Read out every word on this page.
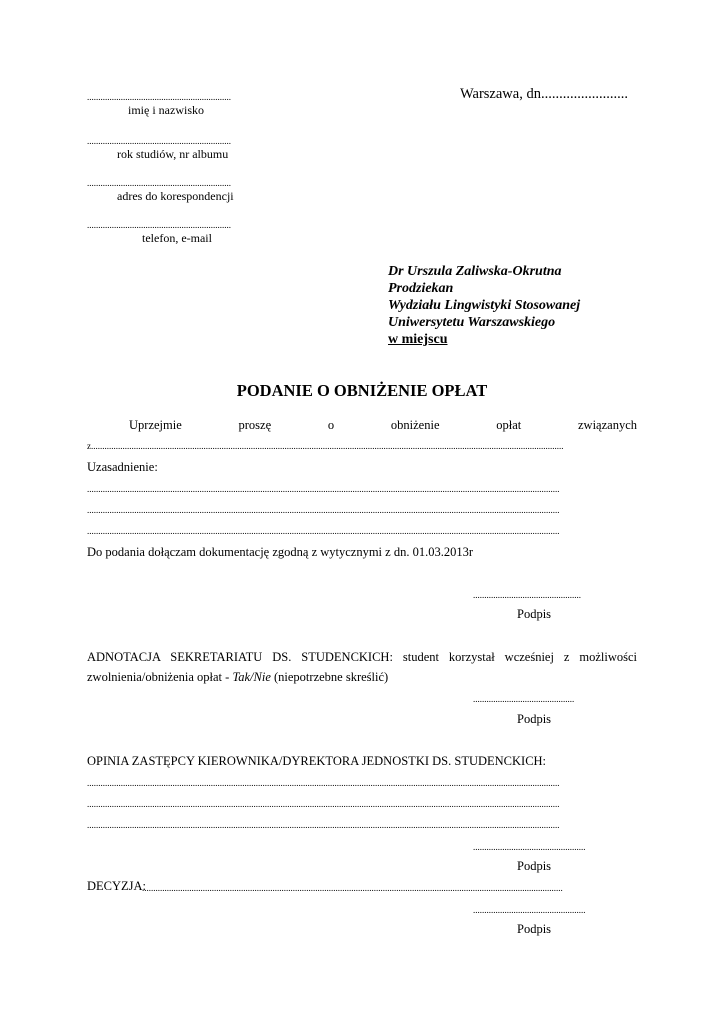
................................................................
imię i nazwisko
................................................................
rok studiów, nr albumu
................................................................
adres do korespondencji
................................................................
telefon, e-mail
Warszawa, dn........................
Dr Urszula Zaliwska-Okrutna
Prodziekan
Wydziału Lingwistyki Stosowanej
Uniwersytetu Warszawskiego
w miejscu
PODANIE O OBNIŻENIE OPŁAT
Uprzejmie proszę o obniżenie opłat związanych
z..................................................................................................................................................................................................................
Uzasadnienie:
..................................................................................................................................................................................................................
..................................................................................................................................................................................................................
..................................................................................................................................................................................................................
Do podania dołączam dokumentację zgodną z wytycznymi z dn. 01.03.2013r
................................................
Podpis
ADNOTACJA SEKRETARIATU DS. STUDENCKICH: student korzystał wcześniej z możliwości
zwolnienia/obniżenia opłat - Tak/Nie (niepotrzebne skreślić)
.............................................
Podpis
OPINIA ZASTĘPCY KIEROWNIKA/DYREKTORA JEDNOSTKI DS. STUDENCKICH:
..................................................................................................................................................................................................................
..................................................................................................................................................................................................................
..................................................................................................................................................................................................................
..................................................
Podpis
DECYZJA:
...........................................................................................................................................................................................
..................................................
Podpis
